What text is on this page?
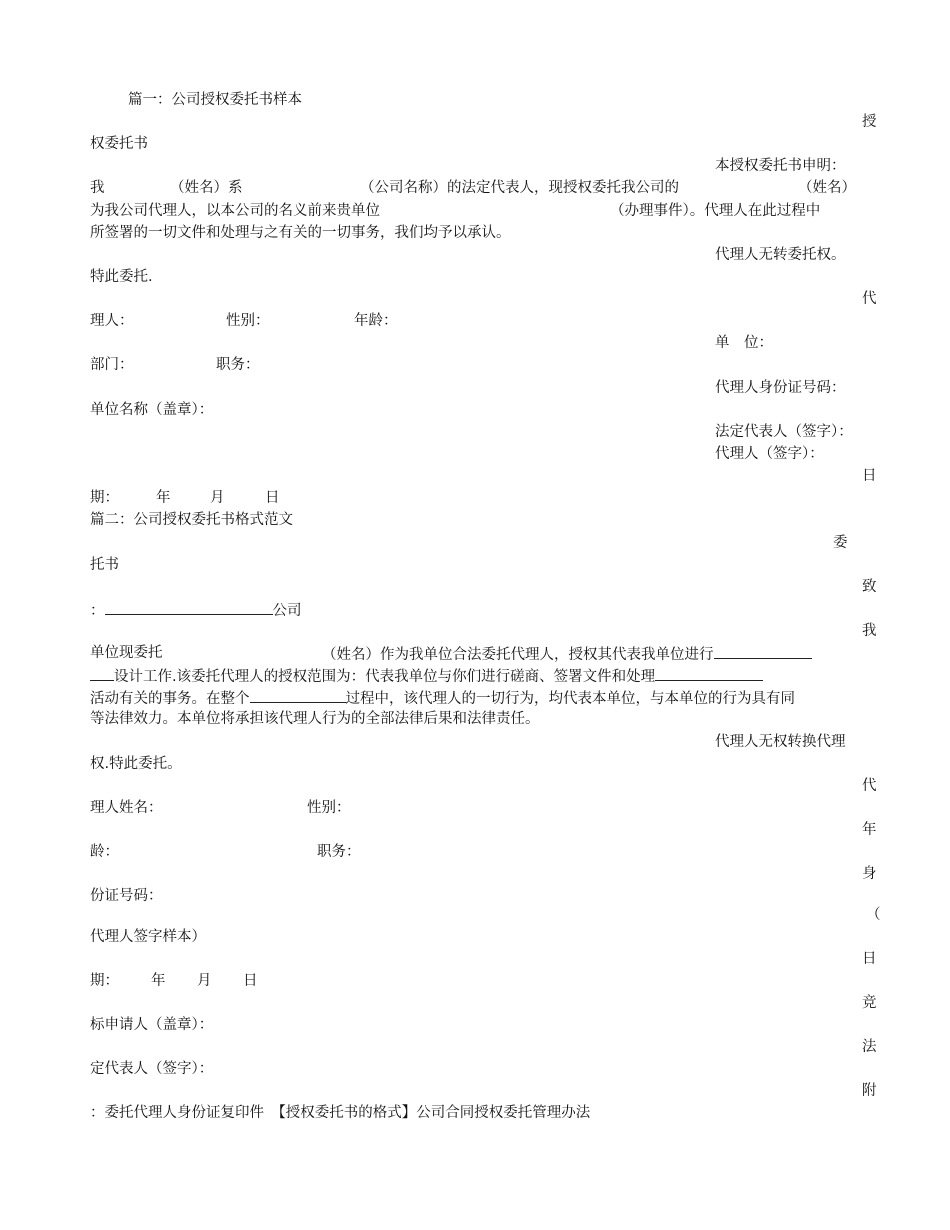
篇一：公司授权委托书样本
授
权委托书
本授权委托书申明：
我	（姓名）系	（公司名称）的法定代表人，现授权委托我公司的	（姓名）
为我公司代理人，以本公司的名义前来贵单位	（办理事件）。代理人在此过程中
所签署的一切文件和处理与之有关的一切事务，我们均予以承认。
代理人无转委托权。
特此委托.
代
理人：	性别：	年龄：
单　位：
部门：	职务：
代理人身份证号码：
单位名称（盖章）：
法定代表人（签字）：
代理人（签字）：
日
期：	年	月	日
篇二：公司授权委托书格式范文
委
托书
致
：	公司
我
单位现委托	（姓名）作为我单位合法委托代理人，授权其代表我单位进行
设计工作.该委托代理人的授权范围为：代表我单位与你们进行磋商、签署文件和处理
活动有关的事务。在整个	过程中，该代理人的一切行为，均代表本单位，与本单位的行为具有同
等法律效力。本单位将承担该代理人行为的全部法律后果和法律责任。
代理人无权转换代理
权.特此委托。
代
理人姓名：	性别：
年
龄：	职务：
身
份证号码：
（
代理人签字样本）
日
期： 年 月 日
竞
标申请人（盖章）：
法
定代表人（签字）：
附
：委托代理人身份证复印件　【授权委托书的格式】公司合同授权委托管理办法
